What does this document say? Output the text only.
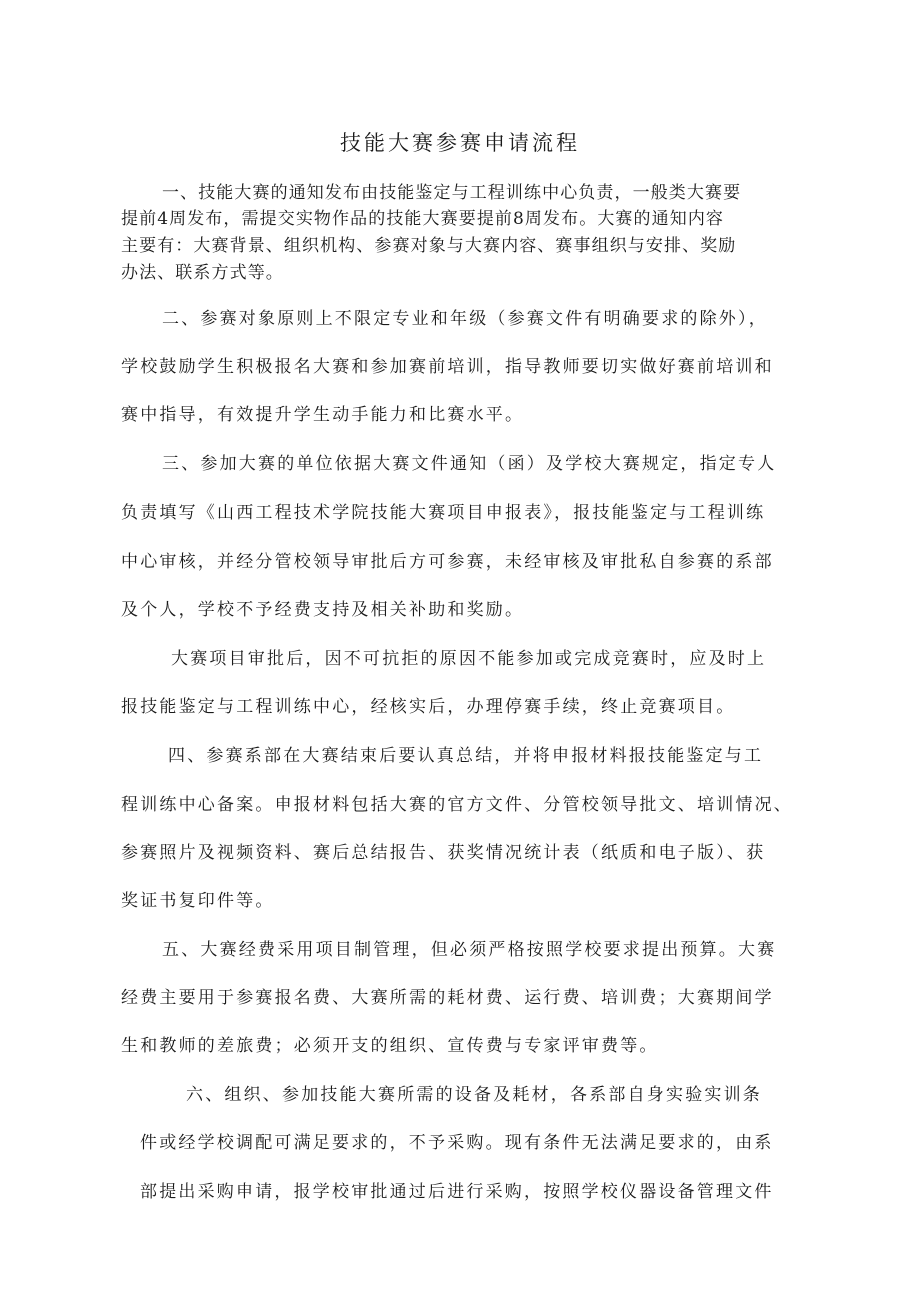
技能大赛参赛申请流程
一、技能大赛的通知发布由技能鉴定与工程训练中心负责，一般类大赛要
提前4周发布，需提交实物作品的技能大赛要提前8周发布。大赛的通知内容
主要有：大赛背景、组织机构、参赛对象与大赛内容、赛事组织与安排、奖励
办法、联系方式等。
二、参赛对象原则上不限定专业和年级（参赛文件有明确要求的除外），
学校鼓励学生积极报名大赛和参加赛前培训，指导教师要切实做好赛前培训和
赛中指导，有效提升学生动手能力和比赛水平。
三、参加大赛的单位依据大赛文件通知（函）及学校大赛规定，指定专人
负责填写《山西工程技术学院技能大赛项目申报表》，报技能鉴定与工程训练
中心审核，并经分管校领导审批后方可参赛，未经审核及审批私自参赛的系部
及个人，学校不予经费支持及相关补助和奖励。
大赛项目审批后，因不可抗拒的原因不能参加或完成竞赛时，应及时上
报技能鉴定与工程训练中心，经核实后，办理停赛手续，终止竞赛项目。
四、参赛系部在大赛结束后要认真总结，并将申报材料报技能鉴定与工
程训练中心备案。申报材料包括大赛的官方文件、分管校领导批文、培训情况、
参赛照片及视频资料、赛后总结报告、获奖情况统计表（纸质和电子版）、获
奖证书复印件等。
五、大赛经费采用项目制管理，但必须严格按照学校要求提出预算。大赛
经费主要用于参赛报名费、大赛所需的耗材费、运行费、培训费；大赛期间学
生和教师的差旅费；必须开支的组织、宣传费与专家评审费等。
六、组织、参加技能大赛所需的设备及耗材，各系部自身实验实训条
件或经学校调配可满足要求的，不予采购。现有条件无法满足要求的，由系
部提出采购申请，报学校审批通过后进行采购，按照学校仪器设备管理文件
